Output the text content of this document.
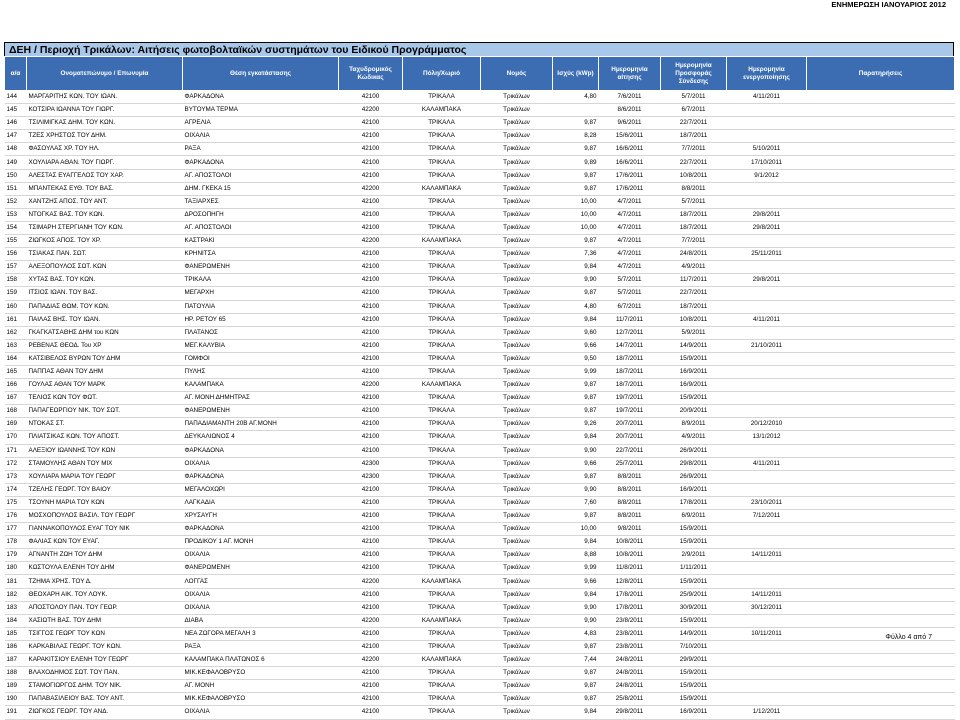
ΕΝΗΜΕΡΩΣΗ ΙΑΝΟΥΑΡΙΟΣ 2012
ΔΕΗ / Περιοχή Τρικάλων: Αιτήσεις φωτοβολταϊκών συστημάτων του Ειδικού Προγράμματος
α/α	Ονοματεπώνυμο / Επωνυμία	Θέση εγκατάστασης	Ταχυδρομικός Κώδικας	Πόλη/Χωριό	Νομός	Ισχύς (kWp)	Ημερομηνία αίτησης	Ημερομηνία Προσφοράς Σύνδεσης	Ημερομηνία ενεργοποίησης	Παρατηρήσεις
144	ΜΑΡΓΑΡΙΤΗΣ ΚΩΝ. ΤΟΥ ΙΩΑΝ.	ΦΑΡΚΑΔΟΝΑ	42100	ΤΡΙΚΑΛΑ	Τρικάλων	4,80	7/6/2011	5/7/2011	4/11/2011	
145	ΚΟΤΣΙΡΑ ΙΩΑΝΝΑ ΤΟΥ ΓΙΩΡΓ.	ΒΥΤΟΥΜΑ ΤΕΡΜΑ	42200	ΚΑΛΑΜΠΑΚΑ	Τρικάλων		8/6/2011	6/7/2011		
146	ΤΣΙΛΙΜΙΓΚΑΣ ΔΗΜ. ΤΟΥ ΚΩΝ.	ΑΓΡΕΛΙΑ	42100	ΤΡΙΚΑΛΑ	Τρικάλων	9,87	9/6/2011	22/7/2011		
147	ΤΖΕΣ ΧΡΗΣΤΟΣ ΤΟΥ ΔΗΜ.	ΟΙΧΑΛΙΑ	42100	ΤΡΙΚΑΛΑ	Τρικάλων	8,28	15/6/2011	18/7/2011		
148	ΦΑΣΟΥΛΑΣ ΧΡ. ΤΟΥ ΗΛ.	ΡΑΞΑ	42100	ΤΡΙΚΑΛΑ	Τρικάλων	9,87	16/6/2011	7/7/2011	5/10/2011	
149	ΧΟΥΛΙΑΡΑ ΑΘΑΝ. ΤΟΥ ΓΙΩΡΓ.	ΦΑΡΚΑΔΟΝΑ	42100	ΤΡΙΚΑΛΑ	Τρικάλων	9,89	16/6/2011	22/7/2011	17/10/2011	
150	ΑΛΕΣΤΑΣ ΕΥΑΓΓΕΛΟΣ ΤΟΥ ΧΑΡ.	ΑΓ. ΑΠΟΣΤΟΛΟΙ	42100	ΤΡΙΚΑΛΑ	Τρικάλων	9,87	17/6/2011	10/8/2011	9/1/2012	
151	ΜΠΑΝΤΕΚΑΣ ΕΥΘ. ΤΟΥ ΒΑΣ.	ΔΗΜ. ΓΚΕΚΑ 15	42200	ΚΑΛΑΜΠΑΚΑ	Τρικάλων	9,87	17/6/2011	8/8/2011		
152	ΧΑΝΤΖΗΣ ΑΠΟΣ. ΤΟΥ ΑΝΤ.	ΤΑΞΙΑΡΧΕΣ	42100	ΤΡΙΚΑΛΑ	Τρικάλων	10,00	4/7/2011	5/7/2011		
153	ΝΤΟΓΚΑΣ ΒΑΣ. ΤΟΥ ΚΩΝ.	ΔΡΟΣΟΠΗΓΗ	42100	ΤΡΙΚΑΛΑ	Τρικάλων	10,00	4/7/2011	18/7/2011	29/8/2011	
154	ΤΣΙΜΑΡΗ ΣΤΕΡΓΙΑΝΗ ΤΟΥ ΚΩΝ.	ΑΓ. ΑΠΟΣΤΟΛΟΙ	42100	ΤΡΙΚΑΛΑ	Τρικάλων	10,00	4/7/2011	18/7/2011	29/8/2011	
155	ΖΙΩΓΚΟΣ ΑΠΟΣ. ΤΟΥ ΧΡ.	ΚΑΣΤΡΑΚΙ	42200	ΚΑΛΑΜΠΑΚΑ	Τρικάλων	9,87	4/7/2011	7/7/2011		
156	ΤΣΙΑΚΑΣ ΠΑΝ. ΣΩΤ.	ΚΡΗΝΙΤΣΑ	42100	ΤΡΙΚΑΛΑ	Τρικάλων	7,36	4/7/2011	24/8/2011	25/11/2011	
157	ΑΛΕΞΟΠΟΥΛΟΣ ΣΩΤ. ΚΩΝ	ΦΑΝΕΡΩΜΕΝΗ	42100	ΤΡΙΚΑΛΑ	Τρικάλων	9,84	4/7/2011	4/9/2011		
158	ΧΥΤΑΣ ΒΑΣ. ΤΟΥ ΚΩΝ.	ΤΡΙΚΑΛΑ	42100	ΤΡΙΚΑΛΑ	Τρικάλων	9,90	5/7/2011	11/7/2011	29/8/2011	
159	ΙΤΣΙΟΣ ΙΩΑΝ. ΤΟΥ ΒΑΣ.	ΜΕΓΑΡΧΗ	42100	ΤΡΙΚΑΛΑ	Τρικάλων	9,87	5/7/2011	22/7/2011		
160	ΠΑΠΑΔΙΑΣ ΘΩΜ. ΤΟΥ ΚΩΝ.	ΠΑΤΟΥΛΙΑ	42100	ΤΡΙΚΑΛΑ	Τρικάλων	4,80	6/7/2011	18/7/2011		
161	ΠΑΙΛΑΣ ΒΗΣ. ΤΟΥ ΙΩΑΝ.	ΗΡ. ΡΕΤΟΥ 65	42100	ΤΡΙΚΑΛΑ	Τρικάλων	9,84	11/7/2011	10/8/2011	4/11/2011	
162	ΓΚΑΓΚΑΤΣΑΘΗΣ ΔΗΜ του ΚΩΝ	ΠΛΑΤΑΝΟΣ	42100	ΤΡΙΚΑΛΑ	Τρικάλων	9,60	12/7/2011	5/9/2011		
163	ΡΕΒΕΝΑΣ ΘΕΟΔ. Του ΧΡ	ΜΕΓ.ΚΑΛΥΒΙΑ	42100	ΤΡΙΚΑΛΑ	Τρικάλων	9,66	14/7/2011	14/9/2011	21/10/2011	
164	ΚΑΤΣΙΒΕΛΟΣ ΒΥΡΩΝ ΤΟΥ ΔΗΜ	ΓΟΜΦΟΙ	42100	ΤΡΙΚΑΛΑ	Τρικάλων	9,50	18/7/2011	15/9/2011		
165	ΠΑΠΠΑΣ ΑΘΑΝ ΤΟΥ ΔΗΜ	ΠΥΛΗΣ	42100	ΤΡΙΚΑΛΑ	Τρικάλων	9,99	18/7/2011	16/9/2011		
166	ΓΟΥΛΑΣ ΑΘΑΝ ΤΟΥ ΜΑΡΚ	ΚΑΛΑΜΠΑΚΑ	42200	ΚΑΛΑΜΠΑΚΑ	Τρικάλων	9,87	18/7/2011	16/9/2011		
167	ΤΕΛΙΟΣ ΚΩΝ ΤΟΥ ΦΩΤ.	ΑΓ. ΜΟΝΗ ΔΗΜΗΤΡΑΣ	42100	ΤΡΙΚΑΛΑ	Τρικάλων	9,87	19/7/2011	15/9/2011		
168	ΠΑΠΑΓΕΩΡΓΙΟΥ ΝΙΚ. ΤΟΥ ΣΩΤ.	ΦΑΝΕΡΩΜΕΝΗ	42100	ΤΡΙΚΑΛΑ	Τρικάλων	9,87	19/7/2011	20/9/2011		
169	ΝΤΟΚΑΣ ΣΤ.	ΠΑΠΑΔΙΑΜΑΝΤΗ 20Β ΑΓ.ΜΟΝΗ	42100	ΤΡΙΚΑΛΑ	Τρικάλων	9,26	20/7/2011	8/9/2011	20/12/2010	
170	ΠΛΙΑΤΣΙΚΑΣ ΚΩΝ. ΤΟΥ ΑΠΟΣΤ.	ΔΕΥΚΑΛΙΩΝΟΣ 4	42100	ΤΡΙΚΑΛΑ	Τρικάλων	9,84	20/7/2011	4/9/2011	13/1/2012	
171	ΑΛΕΞΙΟΥ ΙΩΑΝΝΗΣ ΤΟΥ ΚΩΝ	ΦΑΡΚΑΔΟΝΑ	42100	ΤΡΙΚΑΛΑ	Τρικάλων	9,90	22/7/2011	26/9/2011		
172	ΣΤΑΜΟΥΛΗΣ ΑΘΑΝ ΤΟΥ ΜΙΧ	ΟΙΧΑΛΙΑ	42300	ΤΡΙΚΑΛΑ	Τρικάλων	9,66	25/7/2011	29/8/2011	4/11/2011	
173	ΧΟΥΛΙΑΡΑ ΜΑΡΙΑ ΤΟΥ ΓΕΩΡΓ	ΦΑΡΚΑΔΟΝΑ	42300	ΤΡΙΚΑΛΑ	Τρικάλων	9,87	8/8/2011	26/9/2011		
174	ΤΖΕΛΗΣ ΓΕΩΡΓ. ΤΟΥ ΒΑΙΟΥ	ΜΕΓΑΛΟΧΩΡΙ	42100	ΤΡΙΚΑΛΑ	Τρικάλων	9,90	8/8/2011	16/9/2011		
175	ΤΣΟΥΝΗ ΜΑΡΙΑ ΤΟΥ ΚΩΝ	ΛΑΓΚΑΔΙΑ	42100	ΤΡΙΚΑΛΑ	Τρικάλων	7,60	8/8/2011	17/8/2011	23/10/2011	
176	ΜΟΣΧΟΠΟΥΛΟΣ ΒΑΣΙΛ. ΤΟΥ ΓΕΩΡΓ	ΧΡΥΣΑΥΓΗ	42100	ΤΡΙΚΑΛΑ	Τρικάλων	9,87	8/8/2011	6/9/2011	7/12/2011	
177	ΓΙΑΝΝΑΚΟΠΟΥΛΟΣ ΕΥΑΓ ΤΟΥ ΝΙΚ	ΦΑΡΚΑΔΟΝΑ	42100	ΤΡΙΚΑΛΑ	Τρικάλων	10,00	9/8/2011	15/9/2011		
178	ΦΑΛΙΑΣ ΚΩΝ ΤΟΥ ΕΥΑΓ.	ΠΡΟΔΙΚΟΥ 1 ΑΓ. ΜΟΝΗ	42100	ΤΡΙΚΑΛΑ	Τρικάλων	9,84	10/8/2011	15/9/2011		
179	ΑΓΝΑΝΤΗ ΖΩΗ ΤΟΥ ΔΗΜ	ΟΙΧΑΛΙΑ	42100	ΤΡΙΚΑΛΑ	Τρικάλων	8,88	10/8/2011	2/9/2011	14/11/2011	
180	ΚΩΣΤΟΥΛΑ ΕΛΕΝΗ ΤΟΥ ΔΗΜ	ΦΑΝΕΡΩΜΕΝΗ	42100	ΤΡΙΚΑΛΑ	Τρικάλων	9,99	11/8/2011	1/11/2011		
181	ΤΖΗΜΑ ΧΡΗΣ. ΤΟΥ Δ.	ΛΟΓΓΑΣ	42200	ΚΑΛΑΜΠΑΚΑ	Τρικάλων	9,66	12/8/2011	15/9/2011		
182	ΘΕΟΧΑΡΗ ΑΙΚ. ΤΟΥ ΛΟΥΚ.	ΟΙΧΑΛΙΑ	42100	ΤΡΙΚΑΛΑ	Τρικάλων	9,84	17/8/2011	25/9/2011	14/11/2011	
183	ΑΠΟΣΤΟΛΟΥ ΠΑΝ. ΤΟΥ ΓΕΩΡ.	ΟΙΧΑΛΙΑ	42100	ΤΡΙΚΑΛΑ	Τρικάλων	9,90	17/8/2011	30/9/2011	30/12/2011	
184	ΧΑΣΙΩΤΗ ΒΑΣ. ΤΟΥ ΔΗΜ	ΔΙΑΒΑ	42200	ΚΑΛΑΜΠΑΚΑ	Τρικάλων	9,90	23/8/2011	15/9/2011		
185	ΤΣΙΓΓΟΣ ΓΕΩΡΓ ΤΟΥ ΚΩΝ	ΝΕΑ ΖΩΓΟΡΑ ΜΕΓΑΛΗ 3	42100	ΤΡΙΚΑΛΑ	Τρικάλων	4,83	23/8/2011	14/9/2011	10/11/2011	
186	ΚΑΡΚΑΒΙΛΑΣ ΓΕΩΡΓ. ΤΟΥ ΚΩΝ.	ΡΑΞΑ	42100	ΤΡΙΚΑΛΑ	Τρικάλων	9,87	23/8/2011	7/10/2011		
187	ΚΑΡΑΚΙΤΣΙΟΥ ΕΛΕΝΗ ΤΟΥ ΓΕΩΡΓ	ΚΑΛΑΜΠΑΚΑ ΠΛΑΤΩΝΟΣ 6	42200	ΚΑΛΑΜΠΑΚΑ	Τρικάλων	7,44	24/8/2011	29/9/2011		
188	ΒΛΑΧΟΔΗΜΟΣ ΣΩΤ. ΤΟΥ ΠΑΝ.	ΜΙΚ.ΚΕΦΑΛΟΒΡΥΣΟ	42100	ΤΡΙΚΑΛΑ	Τρικάλων	9,87	24/8/2011	15/9/2011		
189	ΣΤΑΜΟΓΙΩΡΓΟΣ ΔΗΜ. ΤΟΥ ΝΙΚ.	ΑΓ. ΜΟΝΗ	42100	ΤΡΙΚΑΛΑ	Τρικάλων	9,87	24/8/2011	15/9/2011		
190	ΠΑΠΑΒΑΣΙΛΕΙΟΥ ΒΑΣ. ΤΟΥ ΑΝΤ.	ΜΙΚ.ΚΕΦΑΛΟΒΡΥΣΟ	42100	ΤΡΙΚΑΛΑ	Τρικάλων	9,87	25/8/2011	15/9/2011		
191	ΖΙΩΓΚΟΣ ΓΕΩΡΓ. ΤΟΥ ΑΝΔ.	ΟΙΧΑΛΙΑ	42100	ΤΡΙΚΑΛΑ	Τρικάλων	9,84	29/8/2011	16/9/2011	1/12/2011	
Φύλλο 4 από 7
